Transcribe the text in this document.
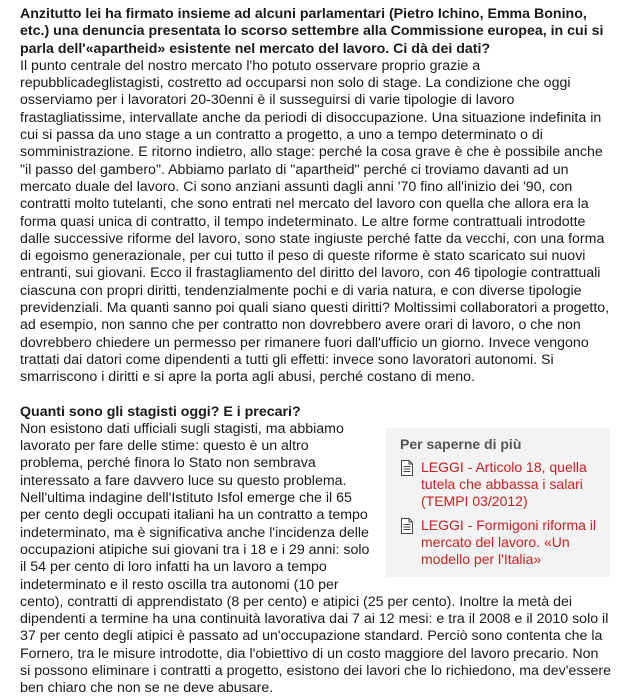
Anzitutto lei ha firmato insieme ad alcuni parlamentari (Pietro Ichino, Emma Bonino, etc.) una denuncia presentata lo scorso settembre alla Commissione europea, in cui si parla dell'«apartheid» esistente nel mercato del lavoro. Ci dà dei dati?

Il punto centrale del nostro mercato l'ho potuto osservare proprio grazie a repubblicadeglistagisti, costretto ad occuparsi non solo di stage. La condizione che oggi osserviamo per i lavoratori 20-30enni è il susseguirsi di varie tipologie di lavoro frastagliatissime, intervallate anche da periodi di disoccupazione. Una situazione indefinita in cui si passa da uno stage a un contratto a progetto, a uno a tempo determinato o di somministrazione. E ritorno indietro, allo stage: perché la cosa grave è che è possibile anche "il passo del gambero". Abbiamo parlato di "apartheid" perché ci troviamo davanti ad un mercato duale del lavoro. Ci sono anziani assunti dagli anni '70 fino all'inizio dei '90, con contratti molto tutelanti, che sono entrati nel mercato del lavoro con quella che allora era la forma quasi unica di contratto, il tempo indeterminato. Le altre forme contrattuali introdotte dalle successive riforme del lavoro, sono state ingiuste perché fatte da vecchi, con una forma di egoismo generazionale, per cui tutto il peso di queste riforme è stato scaricato sui nuovi entranti, sui giovani. Ecco il frastagliamento del diritto del lavoro, con 46 tipologie contrattuali ciascuna con propri diritti, tendenzialmente pochi e di varia natura, e con diverse tipologie previdenziali. Ma quanti sanno poi quali siano questi diritti? Moltissimi collaboratori a progetto, ad esempio, non sanno che per contratto non dovrebbero avere orari di lavoro, o che non dovrebbero chiedere un permesso per rimanere fuori dall'ufficio un giorno. Invece vengono trattati dai datori come dipendenti a tutti gli effetti: invece sono lavoratori autonomi. Si smarriscono i diritti e si apre la porta agli abusi, perché costano di meno.

Quanti sono gli stagisti oggi? E i precari?

Per saperne di più

LEGGI - Articolo 18, quella tutela che abbassa i salari (TEMPI 03/2012)
LEGGI - Formigoni riforma il mercato del lavoro. «Un modello per l'Italia»

Non esistono dati ufficiali sugli stagisti, ma abbiamo lavorato per fare delle stime: questo è un altro problema, perché finora lo Stato non sembrava interessato a fare davvero luce su questo problema. Nell'ultima indagine dell'Istituto Isfol emerge che il 65 per cento degli occupati italiani ha un contratto a tempo indeterminato, ma è significativa anche l'incidenza delle occupazioni atipiche sui giovani tra i 18 e i 29 anni: solo il 54 per cento di loro infatti ha un lavoro a tempo indeterminato e il resto oscilla tra autonomi (10 per cento), contratti di apprendistato (8 per cento) e atipici (25 per cento). Inoltre la metà dei dipendenti a termine ha una continuità lavorativa dai 7 ai 12 mesi: e tra il 2008 e il 2010 solo il 37 per cento degli atipici è passato ad un'occupazione standard. Perciò sono contenta che la Fornero, tra le misure introdotte, dia l'obiettivo di un costo maggiore del lavoro precario. Non si possono eliminare i contratti a progetto, esistono dei lavori che lo richiedono, ma dev'essere ben chiaro che non se ne deve abusare.
